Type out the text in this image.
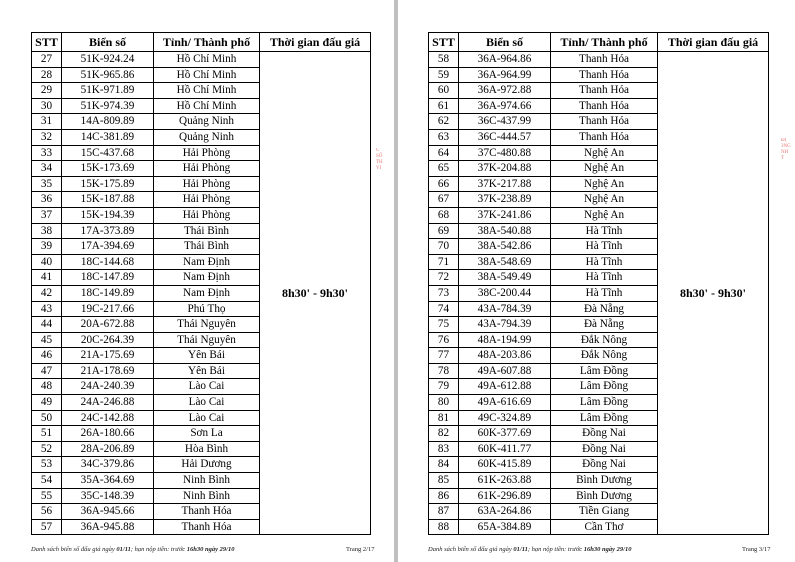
STT	Biển số	Tỉnh/ Thành phố	Thời gian đấu giá
27	51K-924.24	Hồ Chí Minh	8h30' - 9h30'
28	51K-965.86	Hồ Chí Minh	
29	51K-971.89	Hồ Chí Minh	
30	51K-974.39	Hồ Chí Minh	
31	14A-809.89	Quảng Ninh	
32	14C-381.89	Quảng Ninh	
33	15C-437.68	Hải Phòng	
34	15K-173.69	Hải Phòng	
35	15K-175.89	Hải Phòng	
36	15K-187.88	Hải Phòng	
37	15K-194.39	Hải Phòng	
38	17A-373.89	Thái Bình	
39	17A-394.69	Thái Bình	
40	18C-144.68	Nam Định	
41	18C-147.89	Nam Định	
42	18C-149.89	Nam Định	
43	19C-217.66	Phú Thọ	
44	20A-672.88	Thái Nguyên	
45	20C-264.39	Thái Nguyên	
46	21A-175.69	Yên Bái	
47	21A-178.69	Yên Bái	
48	24A-240.39	Lào Cai	
49	24A-246.88	Lào Cai	
50	24C-142.88	Lào Cai	
51	26A-180.66	Sơn La	
52	28A-206.89	Hòa Bình	
53	34C-379.86	Hải Dương	
54	35A-364.69	Ninh Bình	
55	35C-148.39	Ninh Bình	
56	36A-945.66	Thanh Hóa	
57	36A-945.88	Thanh Hóa	
C
SỐ
TH
VI
Danh sách biển số đấu giá ngày 01/11; hạn nộp tiền: trước 16h30 ngày 29/10	Trang 2/17
STT	Biển số	Tỉnh/ Thành phố	Thời gian đấu giá
58	36A-964.86	Thanh Hóa	8h30' - 9h30'
59	36A-964.99	Thanh Hóa	
60	36A-972.88	Thanh Hóa	
61	36A-974.66	Thanh Hóa	
62	36C-437.99	Thanh Hóa	
63	36C-444.57	Thanh Hóa	
64	37C-480.88	Nghệ An	
65	37K-204.88	Nghệ An	
66	37K-217.88	Nghệ An	
67	37K-238.89	Nghệ An	
68	37K-241.86	Nghệ An	
69	38A-540.88	Hà Tĩnh	
70	38A-542.86	Hà Tĩnh	
71	38A-548.69	Hà Tĩnh	
72	38A-549.49	Hà Tĩnh	
73	38C-200.44	Hà Tĩnh	
74	43A-784.39	Đà Nẵng	
75	43A-794.39	Đà Nẵng	
76	48A-194.99	Đắk Nông	
77	48A-203.86	Đắk Nông	
78	49A-607.88	Lâm Đồng	
79	49A-612.88	Lâm Đồng	
80	49A-616.69	Lâm Đồng	
81	49C-324.89	Lâm Đồng	
82	60K-377.69	Đồng Nai	
83	60K-411.77	Đồng Nai	
84	60K-415.89	Đồng Nai	
85	61K-263.88	Bình Dương	
86	61K-296.89	Bình Dương	
87	63A-264.86	Tiền Giang	
88	65A-384.89	Cần Thơ	
ĐỊ
3NG
NH
T
Danh sách biển số đấu giá ngày 01/11; hạn nộp tiền: trước 16h30 ngày 29/10	Trang 3/17
